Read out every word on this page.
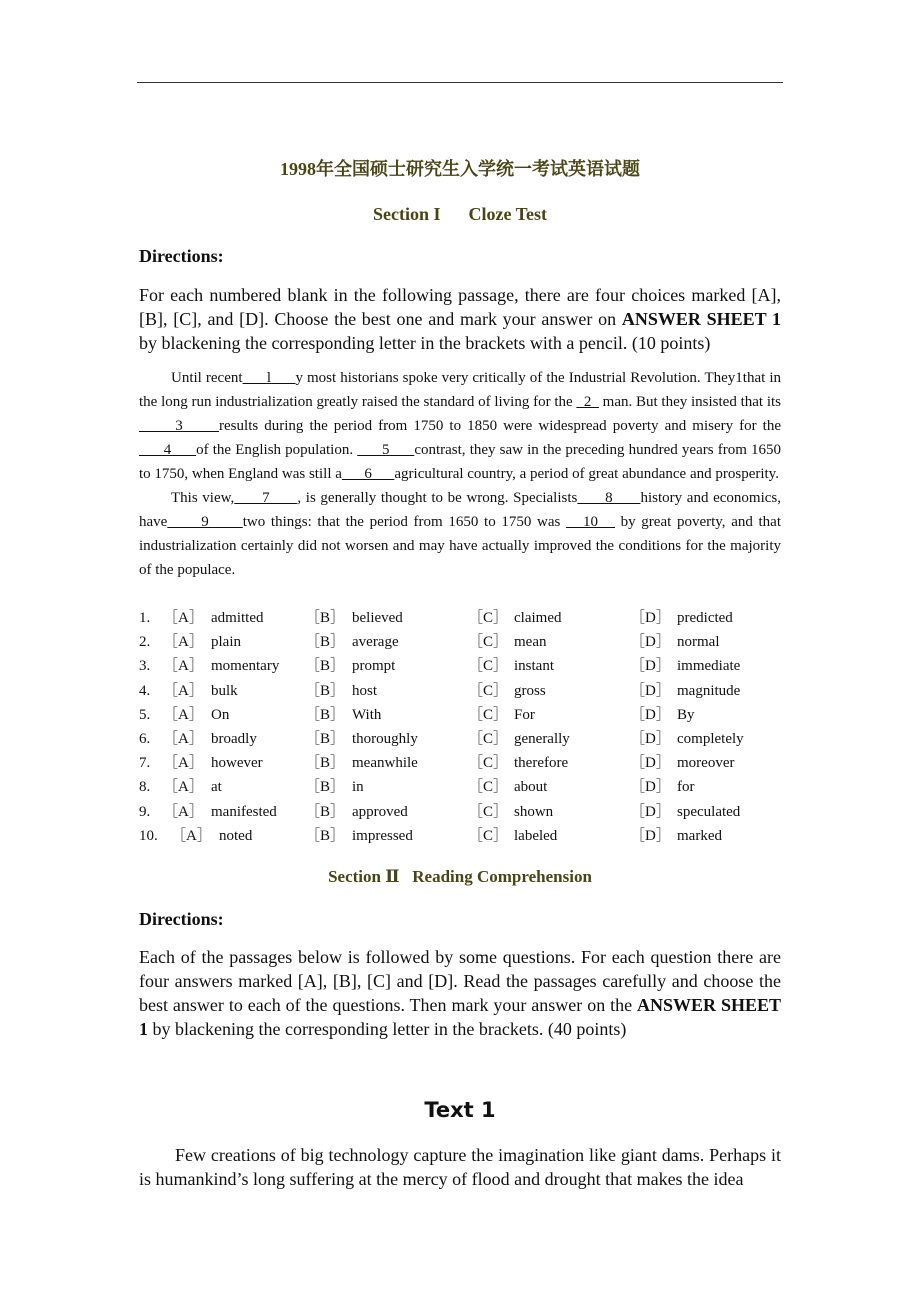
1998年全国硕士研究生入学统一考试英语试题
Section I Cloze Test
Directions:

For each numbered blank in the following passage, there are four choices marked [A], [B], [C], and [D]. Choose the best one and mark your answer on ANSWER SHEET 1 by blackening the corresponding letter in the brackets with a pencil. (10 points)

Until recent      l      y most historians spoke very critically of the Industrial Revolution. They1that in the long run industrialization greatly raised the standard of living for the   2   man. But they insisted that its      3      results during the period from 1750 to 1850 were widespread poverty and misery for the      4      of the English population.       5      contrast, they saw in the preceding hundred years from 1650 to 1750, when England was still a      6      agricultural country, a period of great abundance and prosperity.

This view,      7      , is generally thought to be wrong. Specialists      8      history and economics, have      9      two things: that the period from 1650 to 1750 was    10    by great poverty, and that industrialization certainly did not worsen and may have actually improved the conditions for the majority of the populace.

1. ［A］ admitted	［B］ believed	［C］ claimed	［D］ predicted
2. ［A］ plain	［B］ average	［C］ mean	［D］ normal
3. ［A］ momentary ［B］ prompt	［C］ instant	［D］ immediate
4. ［A］ bulk	［B］ host	［C］ gross	［D］ magnitude
5. ［A］ On	［B］ With	［C］ For	［D］ By
6. ［A］ broadly	［B］ thoroughly	［C］ generally	［D］ completely
7. ［A］ however	［B］ meanwhile	［C］ therefore	［D］ moreover
8. ［A］ at	［B］ in	［C］ about	［D］ for
9. ［A］ manifested ［B］ approved	［C］ shown	［D］ speculated
10. ［A］ noted	［B］ impressed	［C］ labeled	［D］ marked
Section Ⅱ Reading Comprehension
Directions:

Each of the passages below is followed by some questions. For each question there are four answers marked [A], [B], [C] and [D]. Read the passages carefully and choose the best answer to each of the questions. Then mark your answer on the ANSWER SHEET 1 by blackening the corresponding letter in the brackets. (40 points)

Text 1

Few creations of big technology capture the imagination like giant dams. Perhaps it is humankind’s long suffering at the mercy of flood and drought that makes the idea
